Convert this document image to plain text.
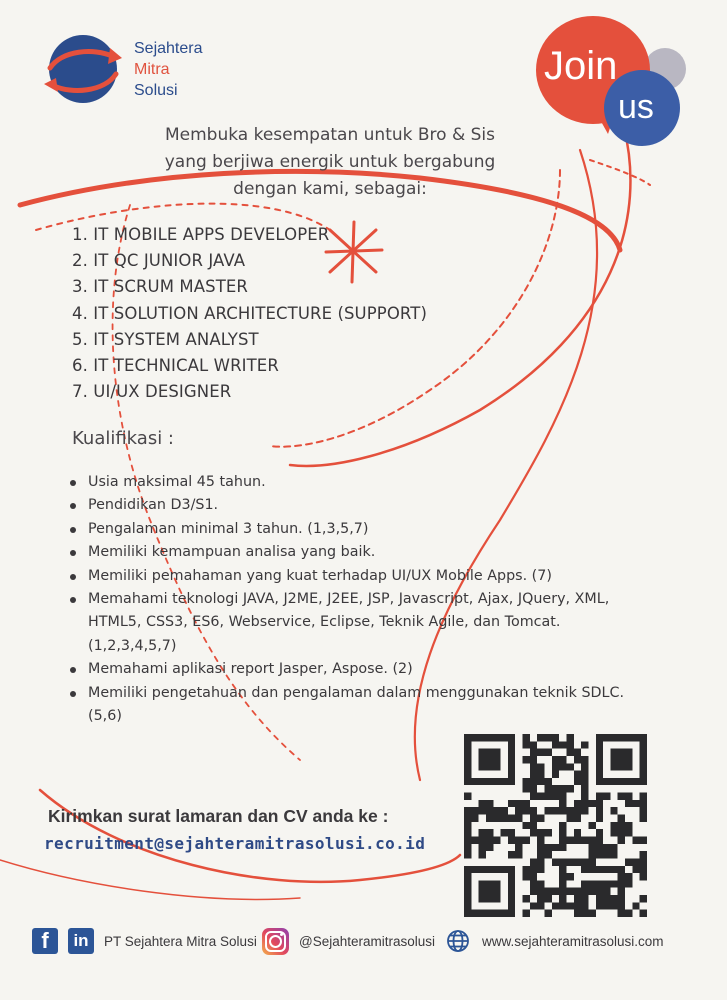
Sejahtera
Mitra
Solusi
Join
us
Membuka kesempatan untuk Bro & Sis
yang berjiwa energik untuk bergabung
dengan kami, sebagai:
1. IT MOBILE APPS DEVELOPER
2. IT QC JUNIOR JAVA
3. IT SCRUM MASTER
4. IT SOLUTION ARCHITECTURE (SUPPORT)
5. IT SYSTEM ANALYST
6. IT TECHNICAL WRITER
7. UI/UX DESIGNER
Kualifikasi :
Usia maksimal 45 tahun.
Pendidikan D3/S1.
Pengalaman minimal 3 tahun. (1,3,5,7)
Memiliki kemampuan analisa yang baik.
Memiliki pemahaman yang kuat terhadap UI/UX Mobile Apps. (7)
Memahami teknologi JAVA, J2ME, J2EE, JSP, Javascript, Ajax, JQuery, XML, HTML5, CSS3, ES6, Webservice, Eclipse, Teknik Agile, dan Tomcat. (1,2,3,4,5,7)
Memahami aplikasi report Jasper, Aspose. (2)
Memiliki pengetahuan dan pengalaman dalam menggunakan teknik SDLC. (5,6)
Kirimkan surat lamaran dan CV anda ke :
recruitment@sejahteramitrasolusi.co.id
f	in	PT Sejahtera Mitra Solusi	@Sejahteramitrasolusi	www.sejahteramitrasolusi.com
